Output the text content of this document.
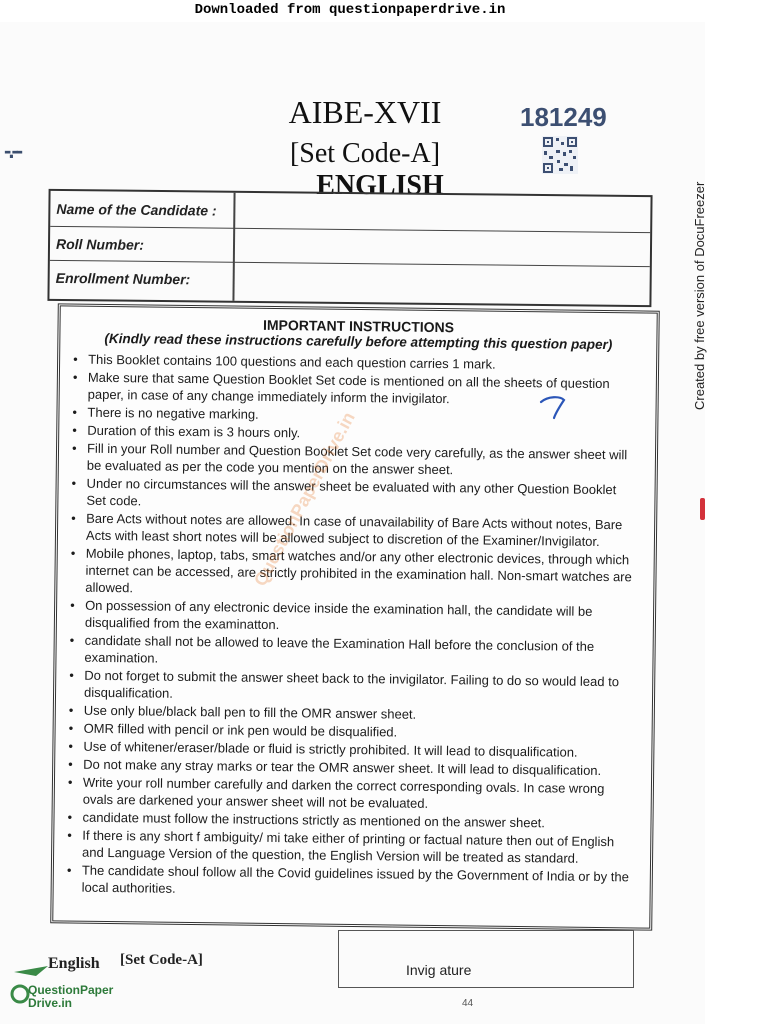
Downloaded from questionpaperdrive.in
Created by free version of DocuFreezer
-.--
AIBE-XVII
[Set Code-A]
ENGLISH
181249
Name of the Candidate :
Roll Number:
Enrollment Number:
IMPORTANT INSTRUCTIONS
(Kindly read these instructions carefully before attempting this question paper)
• This Booklet contains 100 questions and each question carries 1 mark.
• Make sure that same Question Booklet Set code is mentioned on all the sheets of question paper, in case of any change immediately inform the invigilator.
• There is no negative marking.
• Duration of this exam is 3 hours only.
• Fill in your Roll number and Question Booklet Set code very carefully, as the answer sheet will be evaluated as per the code you mention on the answer sheet.
• Under no circumstances will the answer sheet be evaluated with any other Question Booklet Set code.
• Bare Acts without notes are allowed. In case of unavailability of Bare Acts without notes, Bare Acts with least short notes will be allowed subject to discretion of the Examiner/Invigilator.
• Mobile phones, laptop, tabs, smart watches and/or any other electronic devices, through which internet can be accessed, are strictly prohibited in the examination hall. Non-smart watches are allowed.
• On possession of any electronic device inside the examination hall, the candidate will be disqualified from the examinatton.
• candidate shall not be allowed to leave the Examination Hall before the conclusion of the examination.
• Do not forget to submit the answer sheet back to the invigilator. Failing to do so would lead to disqualification.
• Use only blue/black ball pen to fill the OMR answer sheet.
• OMR filled with pencil or ink pen would be disqualified.
• Use of whitener/eraser/blade or fluid is strictly prohibited. It will lead to disqualification.
• Do not make any stray marks or tear the OMR answer sheet. It will lead to disqualification.
• Write your roll number carefully and darken the correct corresponding ovals. In case wrong ovals are darkened your answer sheet will not be evaluated.
• candidate must follow the instructions strictly as mentioned on the answer sheet.
• If there is any short f ambiguity/ mi take either of printing or factual nature then out of English and Language Version of the question, the English Version will be treated as standard.
• The candidate shoul follow all the Covid guidelines issued by the Government of India or by the local authorities.
QuestionPaperDrive.in
Invig ature
English [Set Code-A]
QuestionPaper
Drive.in	44
